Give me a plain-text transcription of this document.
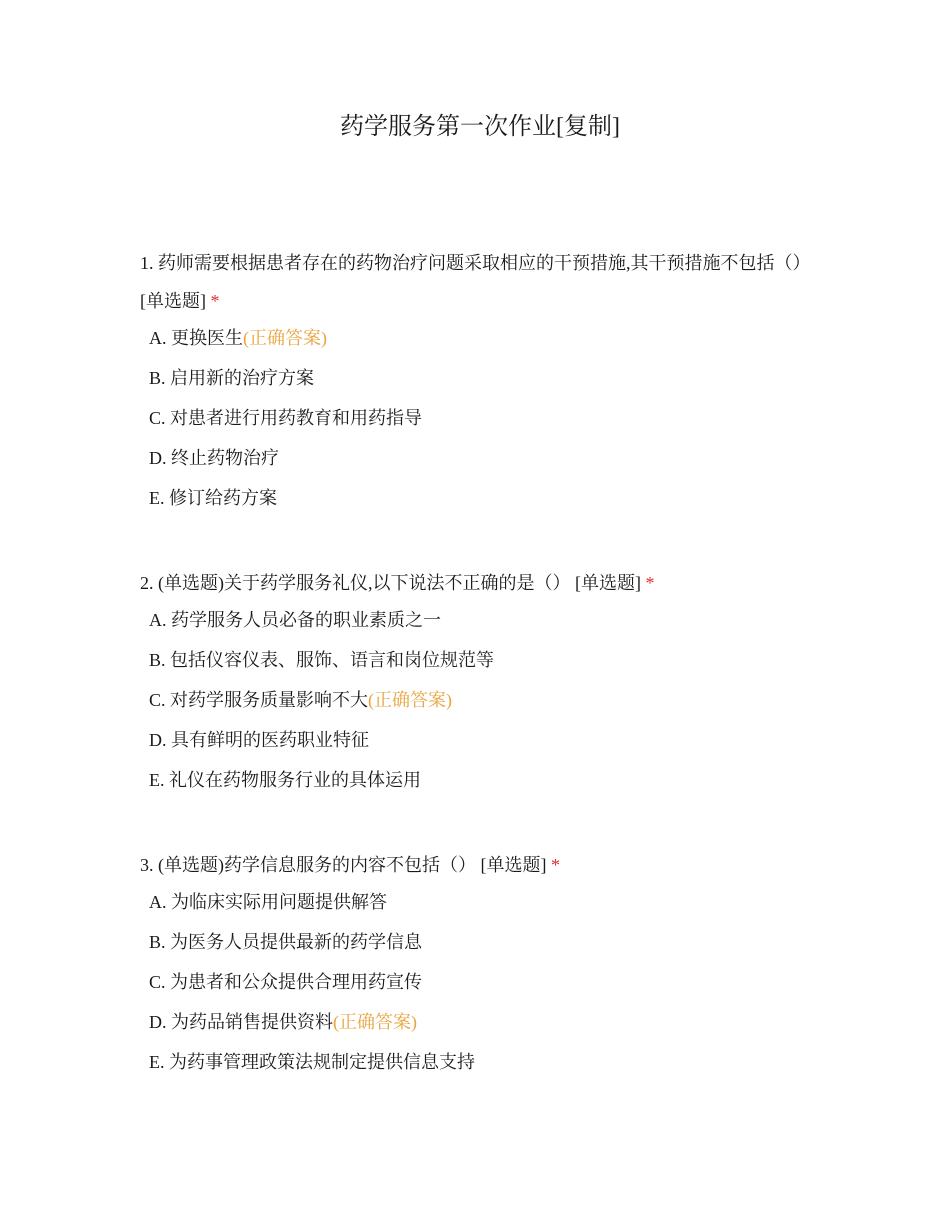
药学服务第一次作业[复制]

1. 药师需要根据患者存在的药物治疗问题采取相应的干预措施,其干预措施不包括（） [单选题] *

A. 更换医生(正确答案)
B. 启用新的治疗方案
C. 对患者进行用药教育和用药指导
D. 终止药物治疗
E. 修订给药方案

2. (单选题)关于药学服务礼仪,以下说法不正确的是（） [单选题] *

A. 药学服务人员必备的职业素质之一
B. 包括仪容仪表、服饰、语言和岗位规范等
C. 对药学服务质量影响不大(正确答案)
D. 具有鲜明的医药职业特征
E. 礼仪在药物服务行业的具体运用

3. (单选题)药学信息服务的内容不包括（） [单选题] *

A. 为临床实际用问题提供解答
B. 为医务人员提供最新的药学信息
C. 为患者和公众提供合理用药宣传
D. 为药品销售提供资料(正确答案)
E. 为药事管理政策法规制定提供信息支持
